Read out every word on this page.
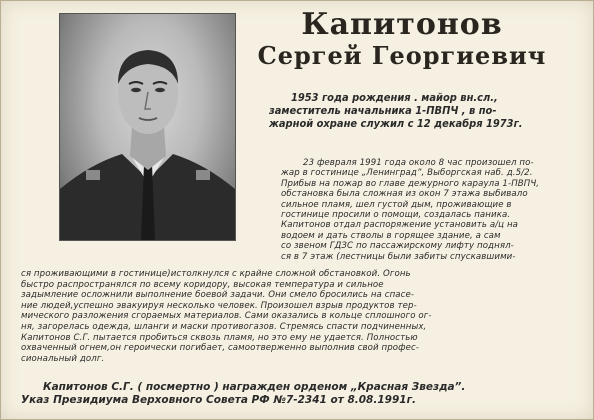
Капитонов
Сергей Георгиевич
1953 года рождения . майор вн.сл.,
заместитель начальника 1-ПВПЧ , в по-
жарной охране служил с 12 декабря 1973г.
23 февраля 1991 года около 8 час произошел по-
жар в гостинице „Ленинград”, Выборгская наб. д.5/2.
Прибыв на пожар во главе дежурного караула 1-ПВПЧ,
обстановка была сложная из окон 7 этажа выбивало
сильное пламя, шел густой дым, проживающие в
гостинице просили о помощи, создалась паника.
Капитонов отдал распоряжение установить а/ц на
водоем и дать стволы в горящее здание, а сам
со звеном ГДЗС по пассажирскому лифту поднял-
ся в 7 этаж (лестницы были забиты спускавшими-
ся проживающими в гостинице)истолкнулся с крайне сложной обстановкой. Огонь
быстро распространялся по всему коридору, высокая температура и сильное
задымление осложнили выполнение боевой задачи. Они смело бросились на спасе-
ние людей,успешно эвакуируя несколько человек. Произошел взрыв продуктов тер-
мического разложения сгораемых материалов. Сами оказались в кольце сплошного ог-
ня, загорелась одежда, шланги и маски противогазов. Стремясь спасти подчиненных,
Капитонов С.Г. пытается пробиться сквозь пламя, но это ему не удается. Полностью
охваченный огнем,он героически погибает, самоотверженно выполнив свой профес-
сиональный долг.
Капитонов С.Г. ( посмертно ) награжден орденом „Красная Звезда”.
Указ Президиума Верховного Совета РФ №7-2341 от 8.08.1991г.
